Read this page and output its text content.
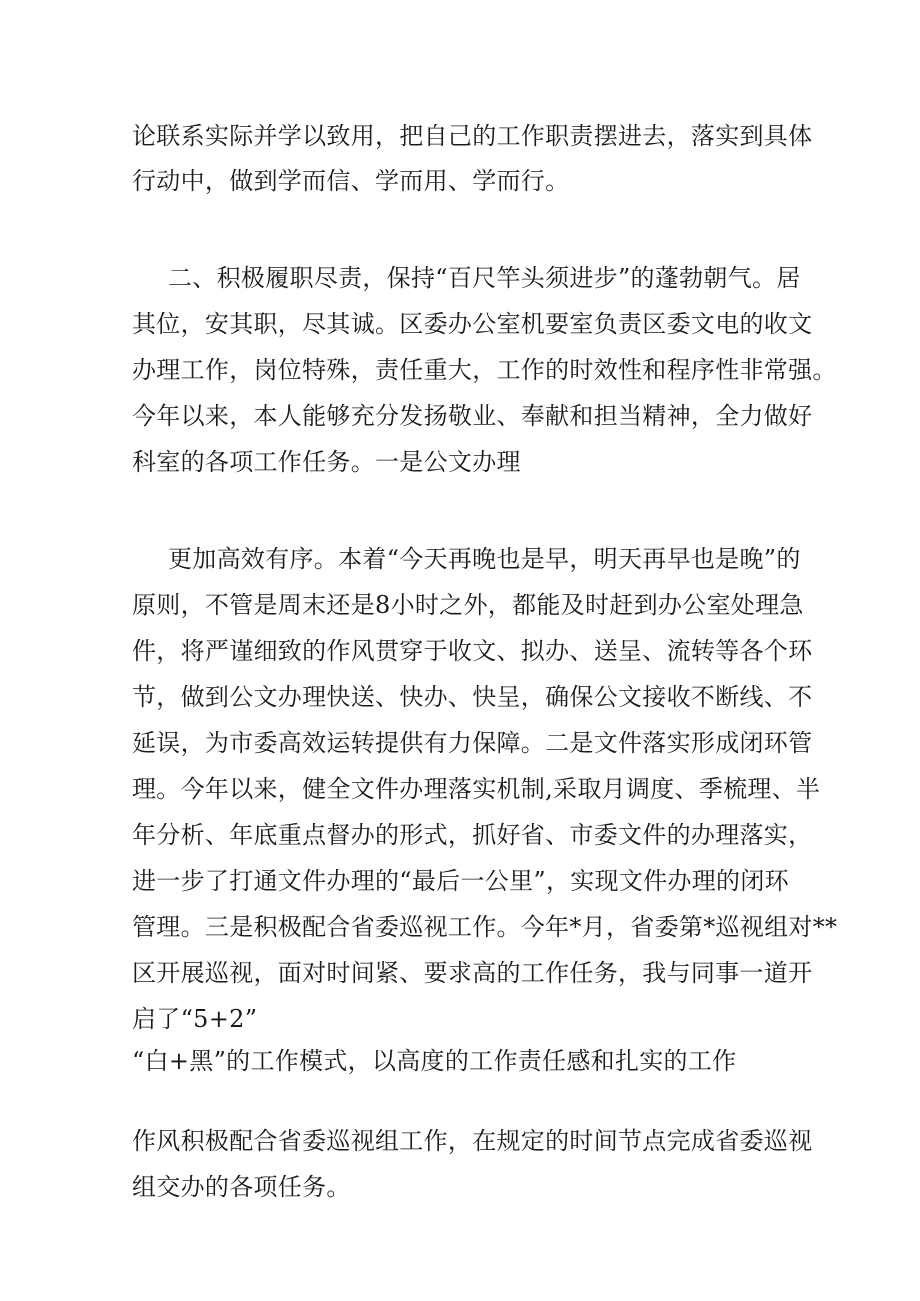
论联系实际并学以致用，把自己的工作职责摆进去，落实到具体

行动中，做到学而信、学而用、学而行。

二、积极履职尽责，保持“百尺竿头须进步”的蓬勃朝气。居

其位，安其职，尽其诚。区委办公室机要室负责区委文电的收文

办理工作，岗位特殊，责任重大，工作的时效性和程序性非常强。

今年以来，本人能够充分发扬敬业、奉献和担当精神，全力做好

科室的各项工作任务。一是公文办理

更加高效有序。本着“今天再晚也是早，明天再早也是晚”的

原则，不管是周末还是8小时之外，都能及时赶到办公室处理急

件，将严谨细致的作风贯穿于收文、拟办、送呈、流转等各个环

节，做到公文办理快送、快办、快呈，确保公文接收不断线、不

延误，为市委高效运转提供有力保障。二是文件落实形成闭环管

理。今年以来，健全文件办理落实机制,采取月调度、季梳理、半

年分析、年底重点督办的形式，抓好省、市委文件的办理落实，

进一步了打通文件办理的“最后一公里”，实现文件办理的闭环

管理。三是积极配合省委巡视工作。今年*月，省委第*巡视组对**

区开展巡视，面对时间紧、要求高的工作任务，我与同事一道开

启了“5+2”

“白+黑”的工作模式，以高度的工作责任感和扎实的工作

作风积极配合省委巡视组工作，在规定的时间节点完成省委巡视

组交办的各项任务。
